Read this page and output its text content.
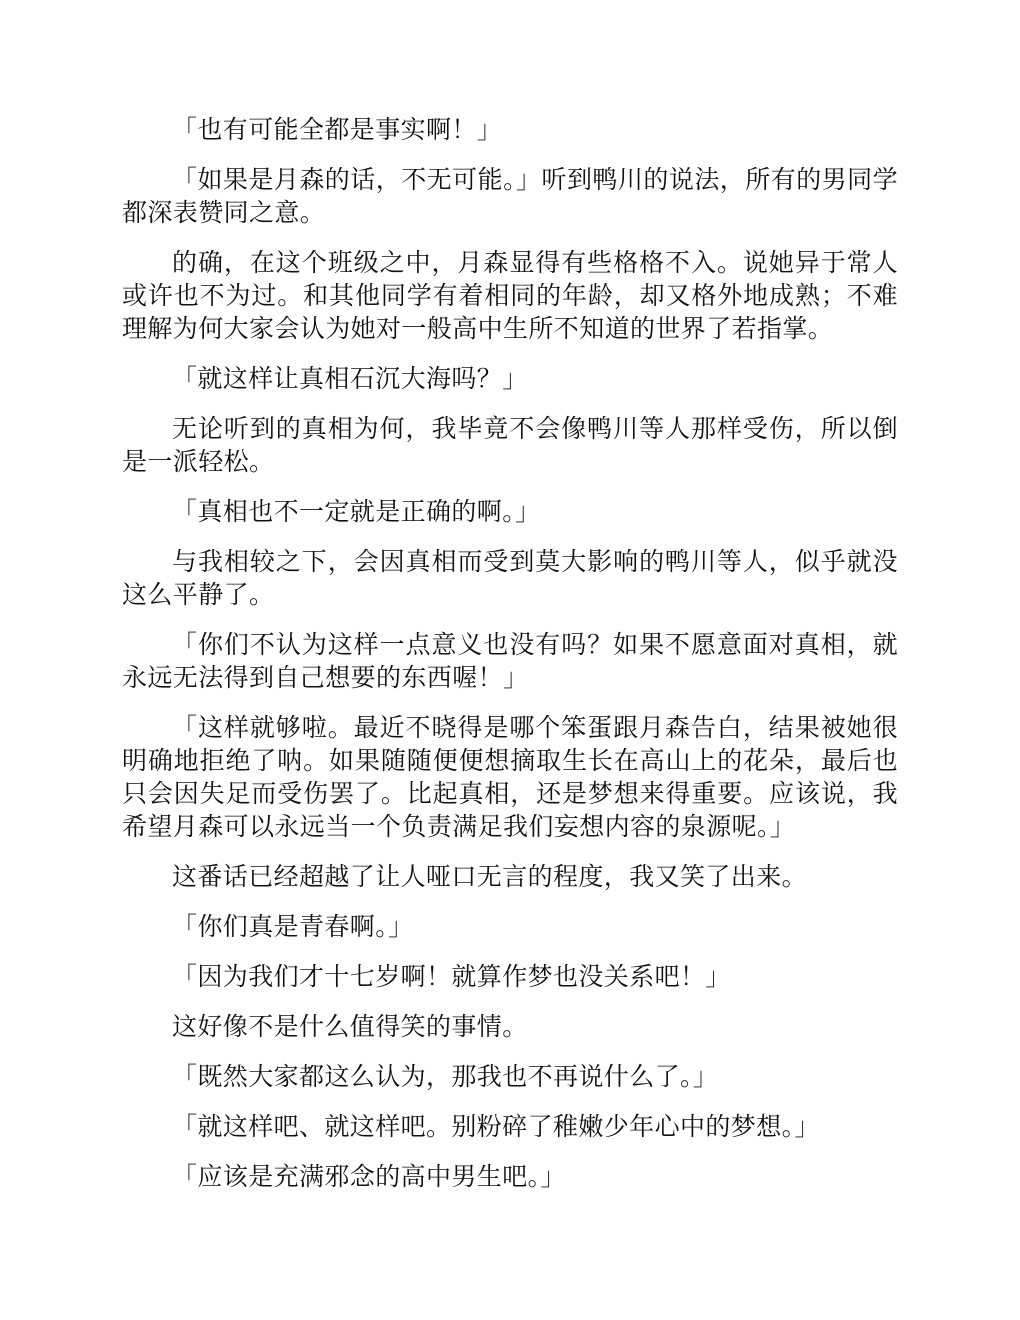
「也有可能全都是事实啊！」

「如果是月森的话，不无可能。」听到鸭川的说法，所有的男同学都深表赞同之意。

的确，在这个班级之中，月森显得有些格格不入。说她异于常人或许也不为过。和其他同学有着相同的年龄，却又格外地成熟；不难理解为何大家会认为她对一般高中生所不知道的世界了若指掌。

「就这样让真相石沉大海吗？」

无论听到的真相为何，我毕竟不会像鸭川等人那样受伤，所以倒是一派轻松。

「真相也不一定就是正确的啊。」

与我相较之下，会因真相而受到莫大影响的鸭川等人，似乎就没这么平静了。

「你们不认为这样一点意义也没有吗？如果不愿意面对真相，就永远无法得到自己想要的东西喔！」

「这样就够啦。最近不晓得是哪个笨蛋跟月森告白，结果被她很明确地拒绝了呐。如果随随便便想摘取生长在高山上的花朵，最后也只会因失足而受伤罢了。比起真相，还是梦想来得重要。应该说，我希望月森可以永远当一个负责满足我们妄想内容的泉源呢。」

这番话已经超越了让人哑口无言的程度，我又笑了出来。

「你们真是青春啊。」

「因为我们才十七岁啊！就算作梦也没关系吧！」

这好像不是什么值得笑的事情。

「既然大家都这么认为，那我也不再说什么了。」

「就这样吧、就这样吧。别粉碎了稚嫩少年心中的梦想。」

「应该是充满邪念的高中男生吧。」
